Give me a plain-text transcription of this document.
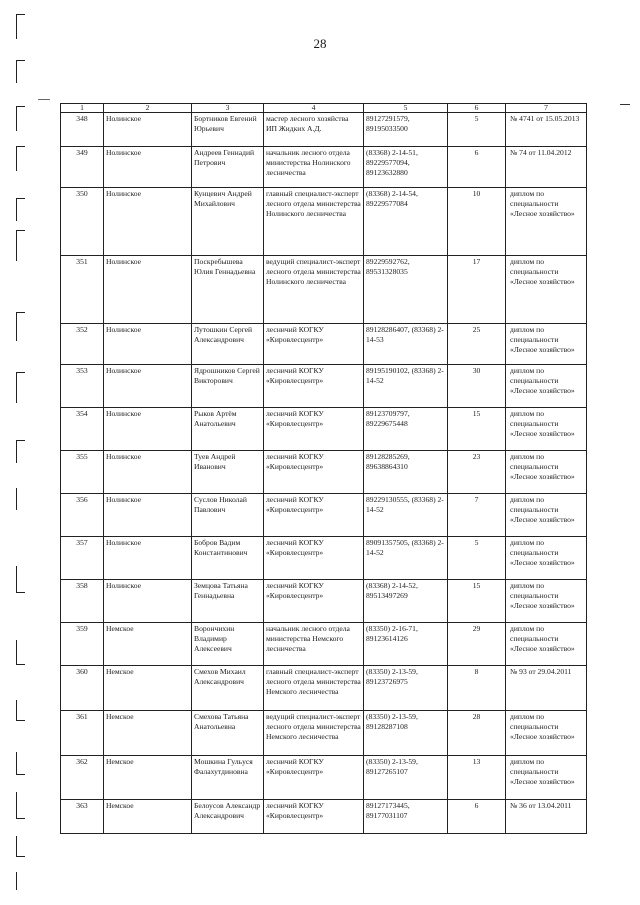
28
1	2	3	4	5	6	7
348	Нолинское	Бортников Евгений Юрьевич	мастер лесного хозяйства ИП Жидких А.Д.	89127291579, 89195033500	5	№ 4741 от 15.05.2013
349	Нолинское	Андреев Геннадий Петрович	начальник лесного отдела министерства Нолинского лесничества	(83368) 2-14-51, 89229577094, 89123632880	6	№ 74 от 11.04.2012
350	Нолинское	Кунцевич Андрей Михайлович	главный специалист-эксперт лесного отдела министерства Нолинского лесничества	(83368) 2-14-54, 89229577084	10	диплом по специальности «Лесное хозяйство»
351	Нолинское	Поскребышева Юлия Геннадьевна	ведущий специалист-эксперт лесного отдела министерства Нолинского лесничества	89229592762, 89531328035	17	диплом по специальности «Лесное хозяйство»
352	Нолинское	Лутошкин Сергей Александрович	лесничий КОГКУ «Кировлесцентр»	89128286407, (83368) 2-14-53	25	диплом по специальности «Лесное хозяйство»
353	Нолинское	Ядрошников Сергей Викторович	лесничий КОГКУ «Кировлесцентр»	89195190102, (83368) 2-14-52	30	диплом по специальности «Лесное хозяйство»
354	Нолинское	Рыков Артём Анатольевич	лесничий КОГКУ «Кировлесцентр»	89123709797, 89229675448	15	диплом по специальности «Лесное хозяйство»
355	Нолинское	Туев Андрей Иванович	лесничий КОГКУ «Кировлесцентр»	89128285269, 89638864310	23	диплом по специальности «Лесное хозяйство»
356	Нолинское	Суслов Николай Павлович	лесничий КОГКУ «Кировлесцентр»	89229130555, (83368) 2-14-52	7	диплом по специальности «Лесное хозяйство»
357	Нолинское	Бобров Вадим Константинович	лесничий КОГКУ «Кировлесцентр»	89091357505, (83368) 2-14-52	5	диплом по специальности «Лесное хозяйство»
358	Нолинское	Земцова Татьяна Геннадьевна	лесничий КОГКУ «Кировлесцентр»	(83368) 2-14-52, 89513497269	15	диплом по специальности «Лесное хозяйство»
359	Немское	Ворончихин Владимир Алексеевич	начальник лесного отдела министерства Немского лесничества	(83350) 2-16-71, 89123614126	29	диплом по специальности «Лесное хозяйство»
360	Немское	Смехов Михаил Александрович	главный специалист-эксперт лесного отдела министерства Немского лесничества	(83350) 2-13-59, 89123726975	8	№ 93 от 29.04.2011
361	Немское	Смехова Татьяна Анатольевна	ведущий специалист-эксперт лесного отдела министерства Немского лесничества	(83350) 2-13-59, 89128287108	28	диплом по специальности «Лесное хозяйство»
362	Немское	Мошкина Гульуся Фалахутдиновна	лесничий КОГКУ «Кировлесцентр»	(83350) 2-13-59, 89127265107	13	диплом по специальности «Лесное хозяйство»
363	Немское	Белоусов Александр Александрович	лесничий КОГКУ «Кировлесцентр»	89127173445, 89177031107	6	№ 36 от 13.04.2011
